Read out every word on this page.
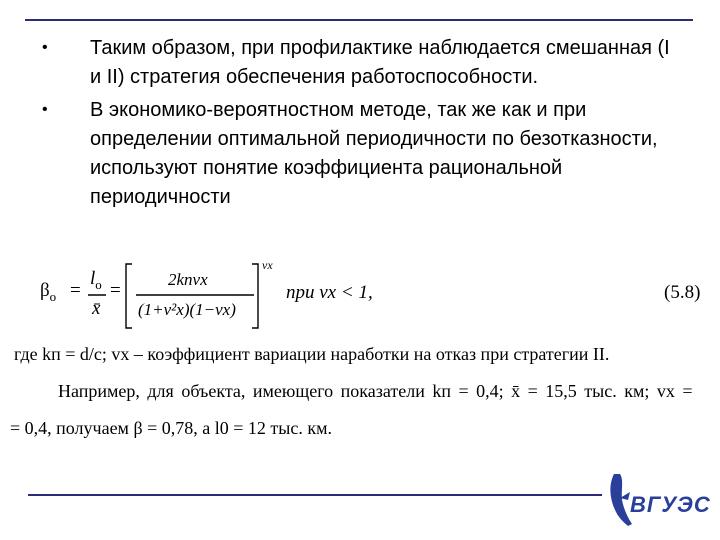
•	Таким образом, при профилактике наблюдается смешанная (I и II) стратегия обеспечения работоспособности.
•	В экономико-вероятностном методе, так же как и при определении оптимальной периодичности по безотказности, используют понятие коэффициента рациональной периодичности
$\beta_о$ =
$l_о$
x̄
=
2kпvx
(1+v²x)(1−vx)
vx
при vx < 1,	(5.8)
где kп = d/c; vx – коэффициент вариации наработки на отказ при стратегии II.
Например, для объекта, имеющего показатели kп = 0,4; x̄ = 15,5 тыс. км; vx =
= 0,4, получаем β = 0,78, а l0 = 12 тыс. км.
ВГУЭС
